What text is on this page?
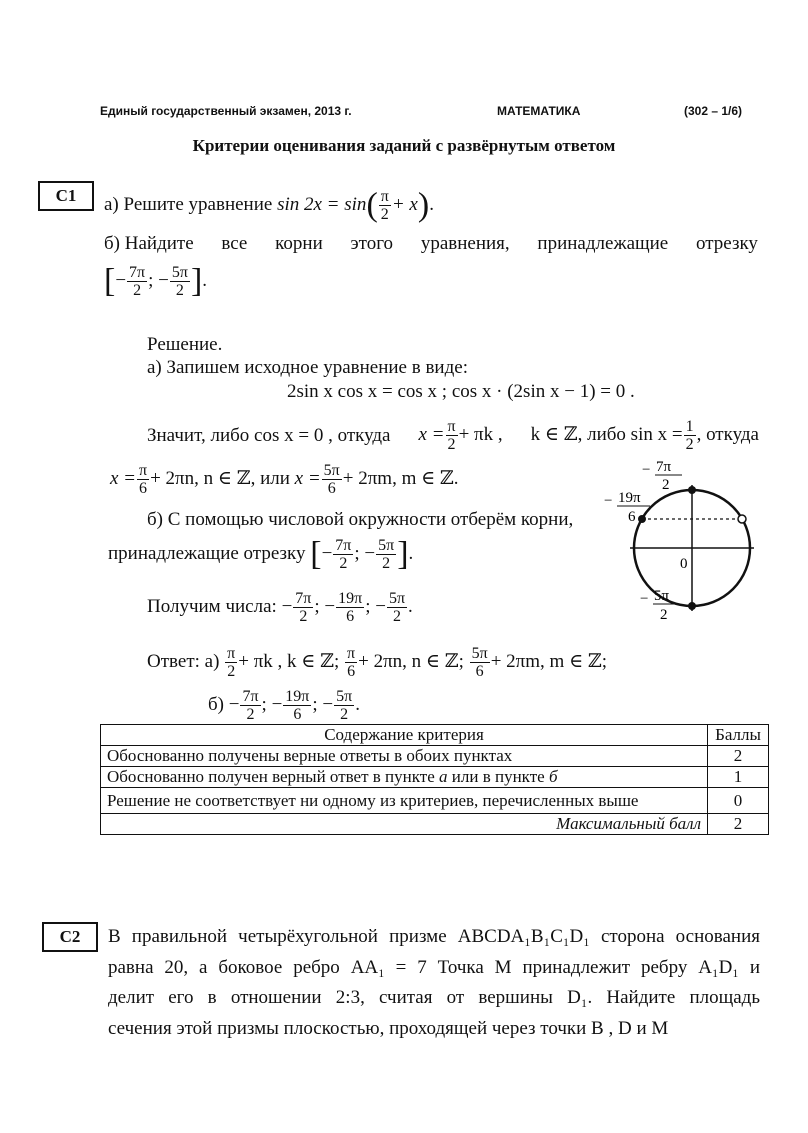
Единый государственный экзамен, 2013 г.	МАТЕМАТИКА	(302 – 1/6)
Критерии оценивания заданий с развёрнутым ответом
C1	а) Решите уравнение $\sin 2x = \sin( \frac{\pi}{2} + x)$.
б) Найдите все корни этого уравнения, принадлежащие отрезку
[− $\frac{7\pi}{2}$ ; − $\frac{5\pi}{2}$ ].
Решение.
а) Запишем исходное уравнение в виде:
2sin x cos x = cos x ; cos x · (2sin x − 1) = 0 .
Значит, либо cos x = 0 , откуда $x = \frac{\pi}{2} + \pi k$ , k ∈ ℤ, либо $\sin x = \frac{1}{2}$ , откуда
$x = \frac{\pi}{6} + 2\pi n$, n ∈ ℤ, или $x = \frac{5\pi}{6} + 2\pi m$, m ∈ ℤ.
б) С помощью числовой окружности отберём корни,
принадлежащие отрезку [− $\frac{7\pi}{2}$ ; − $\frac{5\pi}{2}$ ].
Получим числа: − $\frac{7\pi}{2}$ ; − $\frac{19\pi}{6}$ ; − $\frac{5\pi}{2}$ .
Ответ: $а) \frac{\pi}{2} + \pi k$ , k ∈ ℤ; $\frac{\pi}{6} + 2\pi n$, n ∈ ℤ; $\frac{5\pi}{6} + 2\pi m$, m ∈ ℤ;
$б) - \frac{7\pi}{2}$ ; − $\frac{19\pi}{6}$ ; − $\frac{5\pi}{2}$ .
0
− 7π
2
− 19π
6
− 5π
2
Содержание критерия	Баллы
Обоснованно получены верные ответы в обоих пунктах	2
Обоснованно получен верный ответ в пункте а или в пункте б	1
Решение не соответствует ни одному из критериев, перечисленных выше	0
Максимальный балл	2
C2	В правильной четырёхугольной призме ABCDA₁B₁C₁D₁ сторона основания
равна 20, а боковое ребро AA₁ = 7 Точка M принадлежит ребру A₁D₁ и
делит его в отношении 2:3, считая от вершины D₁. Найдите площадь
сечения этой призмы плоскостью, проходящей через точки B , D и M
